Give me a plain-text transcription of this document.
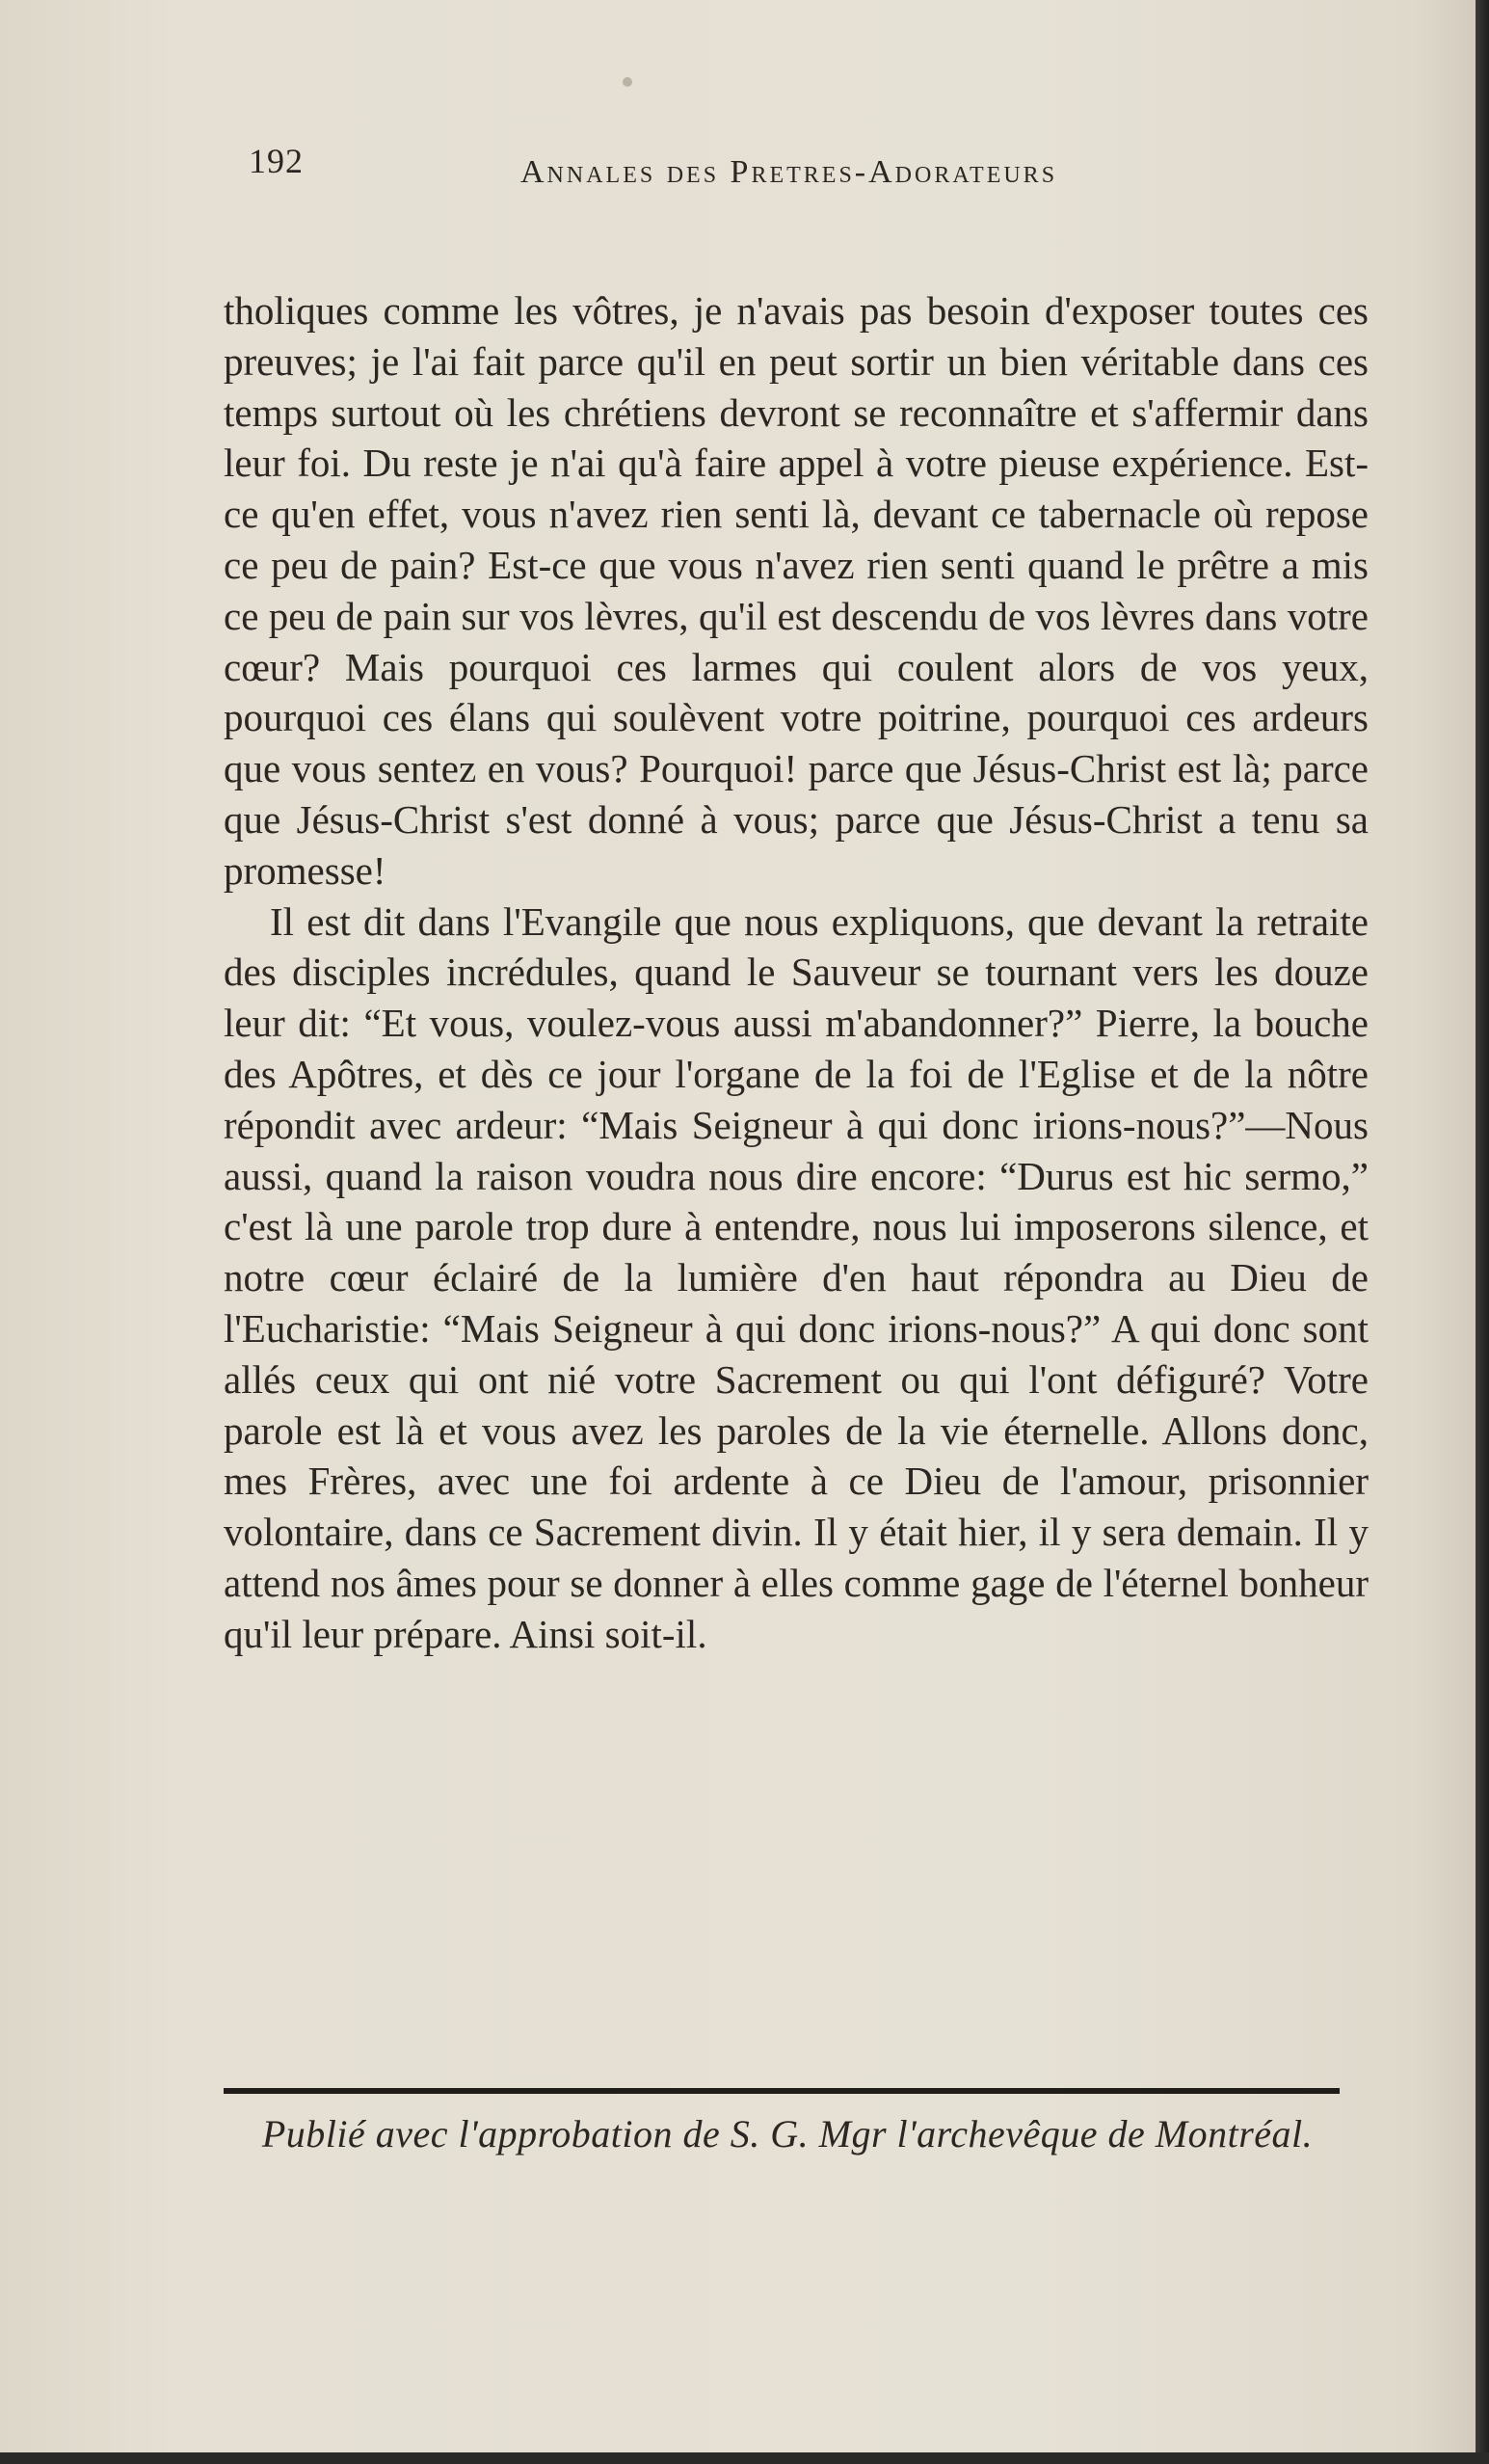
192	Annales des Pretres-Adorateurs

tholiques comme les vôtres, je n'avais pas besoin d'exposer toutes ces preuves; je l'ai fait parce qu'il en peut sortir un bien véritable dans ces temps surtout où les chrétiens devront se reconnaître et s'affermir dans leur foi. Du reste je n'ai qu'à faire appel à votre pieuse expérience. Est-ce qu'en effet, vous n'avez rien senti là, devant ce tabernacle où repose ce peu de pain? Est-ce que vous n'avez rien senti quand le prêtre a mis ce peu de pain sur vos lèvres, qu'il est descendu de vos lèvres dans votre cœur? Mais pourquoi ces larmes qui coulent alors de vos yeux, pourquoi ces élans qui soulèvent votre poitrine, pourquoi ces ardeurs que vous sentez en vous? Pourquoi! parce que Jésus-Christ est là; parce que Jésus-Christ s'est donné à vous; parce que Jésus-Christ a tenu sa promesse!

Il est dit dans l'Evangile que nous expliquons, que devant la retraite des disciples incrédules, quand le Sauveur se tournant vers les douze leur dit: “Et vous, voulez-vous aussi m'abandonner?” Pierre, la bouche des Apôtres, et dès ce jour l'organe de la foi de l'Eglise et de la nôtre répondit avec ardeur: “Mais Seigneur à qui donc irions-nous?”—Nous aussi, quand la raison voudra nous dire encore: “Durus est hic sermo,” c'est là une parole trop dure à entendre, nous lui imposerons silence, et notre cœur éclairé de la lumière d'en haut répondra au Dieu de l'Eucharistie: “Mais Seigneur à qui donc irions-nous?” A qui donc sont allés ceux qui ont nié votre Sacrement ou qui l'ont défiguré? Votre parole est là et vous avez les paroles de la vie éternelle. Allons donc, mes Frères, avec une foi ardente à ce Dieu de l'amour, prisonnier volontaire, dans ce Sacrement divin. Il y était hier, il y sera demain. Il y attend nos âmes pour se donner à elles comme gage de l'éternel bonheur qu'il leur prépare. Ainsi soit-il.

Publié avec l'approbation de S. G. Mgr l'archevêque de Montréal.
